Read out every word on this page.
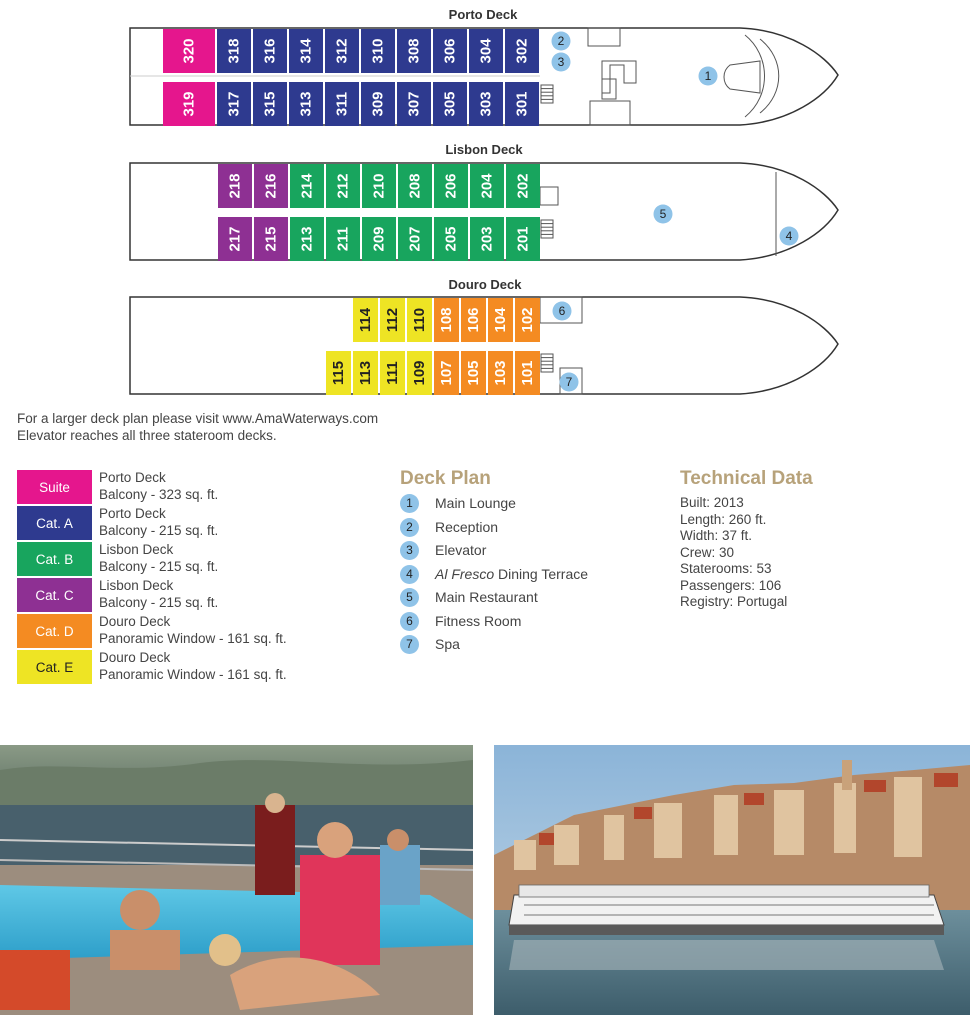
Porto Deck
320 318 316 314 312 310 308 306 304 302
319 317 315 313 311 309 307 305 303 301
2
3
1
Lisbon Deck
218 216 214 212 210 208 206 204 202
217 215 213 211 209 207 205 203 201
5
4
Douro Deck
114 112 110 108 106 104 102
115 113 111 109 107 105 103 101
6
7
For a larger deck plan please visit www.AmaWaterways.com
Elevator reaches all three stateroom decks.
Suite
Porto Deck
Balcony - 323 sq. ft.
Cat. A
Porto Deck
Balcony - 215 sq. ft.
Cat. B
Lisbon Deck
Balcony - 215 sq. ft.
Cat. C
Lisbon Deck
Balcony - 215 sq. ft.
Cat. D
Douro Deck
Panoramic Window - 161 sq. ft.
Cat. E
Douro Deck
Panoramic Window - 161 sq. ft.
Deck Plan
1	Main Lounge
2	Reception
3	Elevator
4	Al Fresco Dining Terrace
5	Main Restaurant
6	Fitness Room
7	Spa
Technical Data
Built: 2013
Length: 260 ft.
Width: 37 ft.
Crew: 30
Staterooms: 53
Passengers: 106
Registry: Portugal
